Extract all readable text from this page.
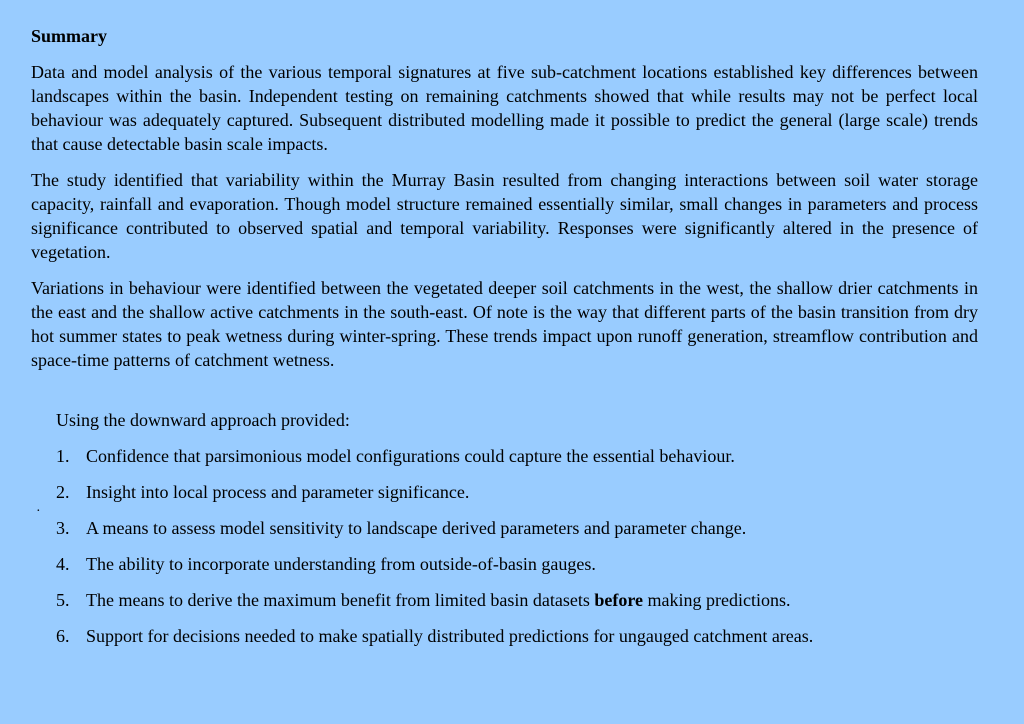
Summary

Data and model analysis of the various temporal signatures at five sub-catchment locations established key differences between landscapes within the basin. Independent testing on remaining catchments showed that while results may not be perfect local behaviour was adequately captured. Subsequent distributed modelling made it possible to predict the general (large scale) trends that cause detectable basin scale impacts.

The study identified that variability within the Murray Basin resulted from changing interactions between soil water storage capacity, rainfall and evaporation. Though model structure remained essentially similar, small changes in parameters and process significance contributed to observed spatial and temporal variability. Responses were significantly altered in the presence of vegetation.

Variations in behaviour were identified between the vegetated deeper soil catchments in the west, the shallow drier catchments in the east and the shallow active catchments in the south-east. Of note is the way that different parts of the basin transition from dry hot summer states to peak wetness during winter-spring. These trends impact upon runoff generation, streamflow contribution and space-time patterns of catchment wetness.

Using the downward approach provided:
1. Confidence that parsimonious model configurations could capture the essential behaviour.
2. Insight into local process and parameter significance.
3. A means to assess model sensitivity to landscape derived parameters and parameter change.
4. The ability to incorporate understanding from outside-of-basin gauges.
5. The means to derive the maximum benefit from limited basin datasets before making predictions.
6. Support for decisions needed to make spatially distributed predictions for ungauged catchment areas.
·
